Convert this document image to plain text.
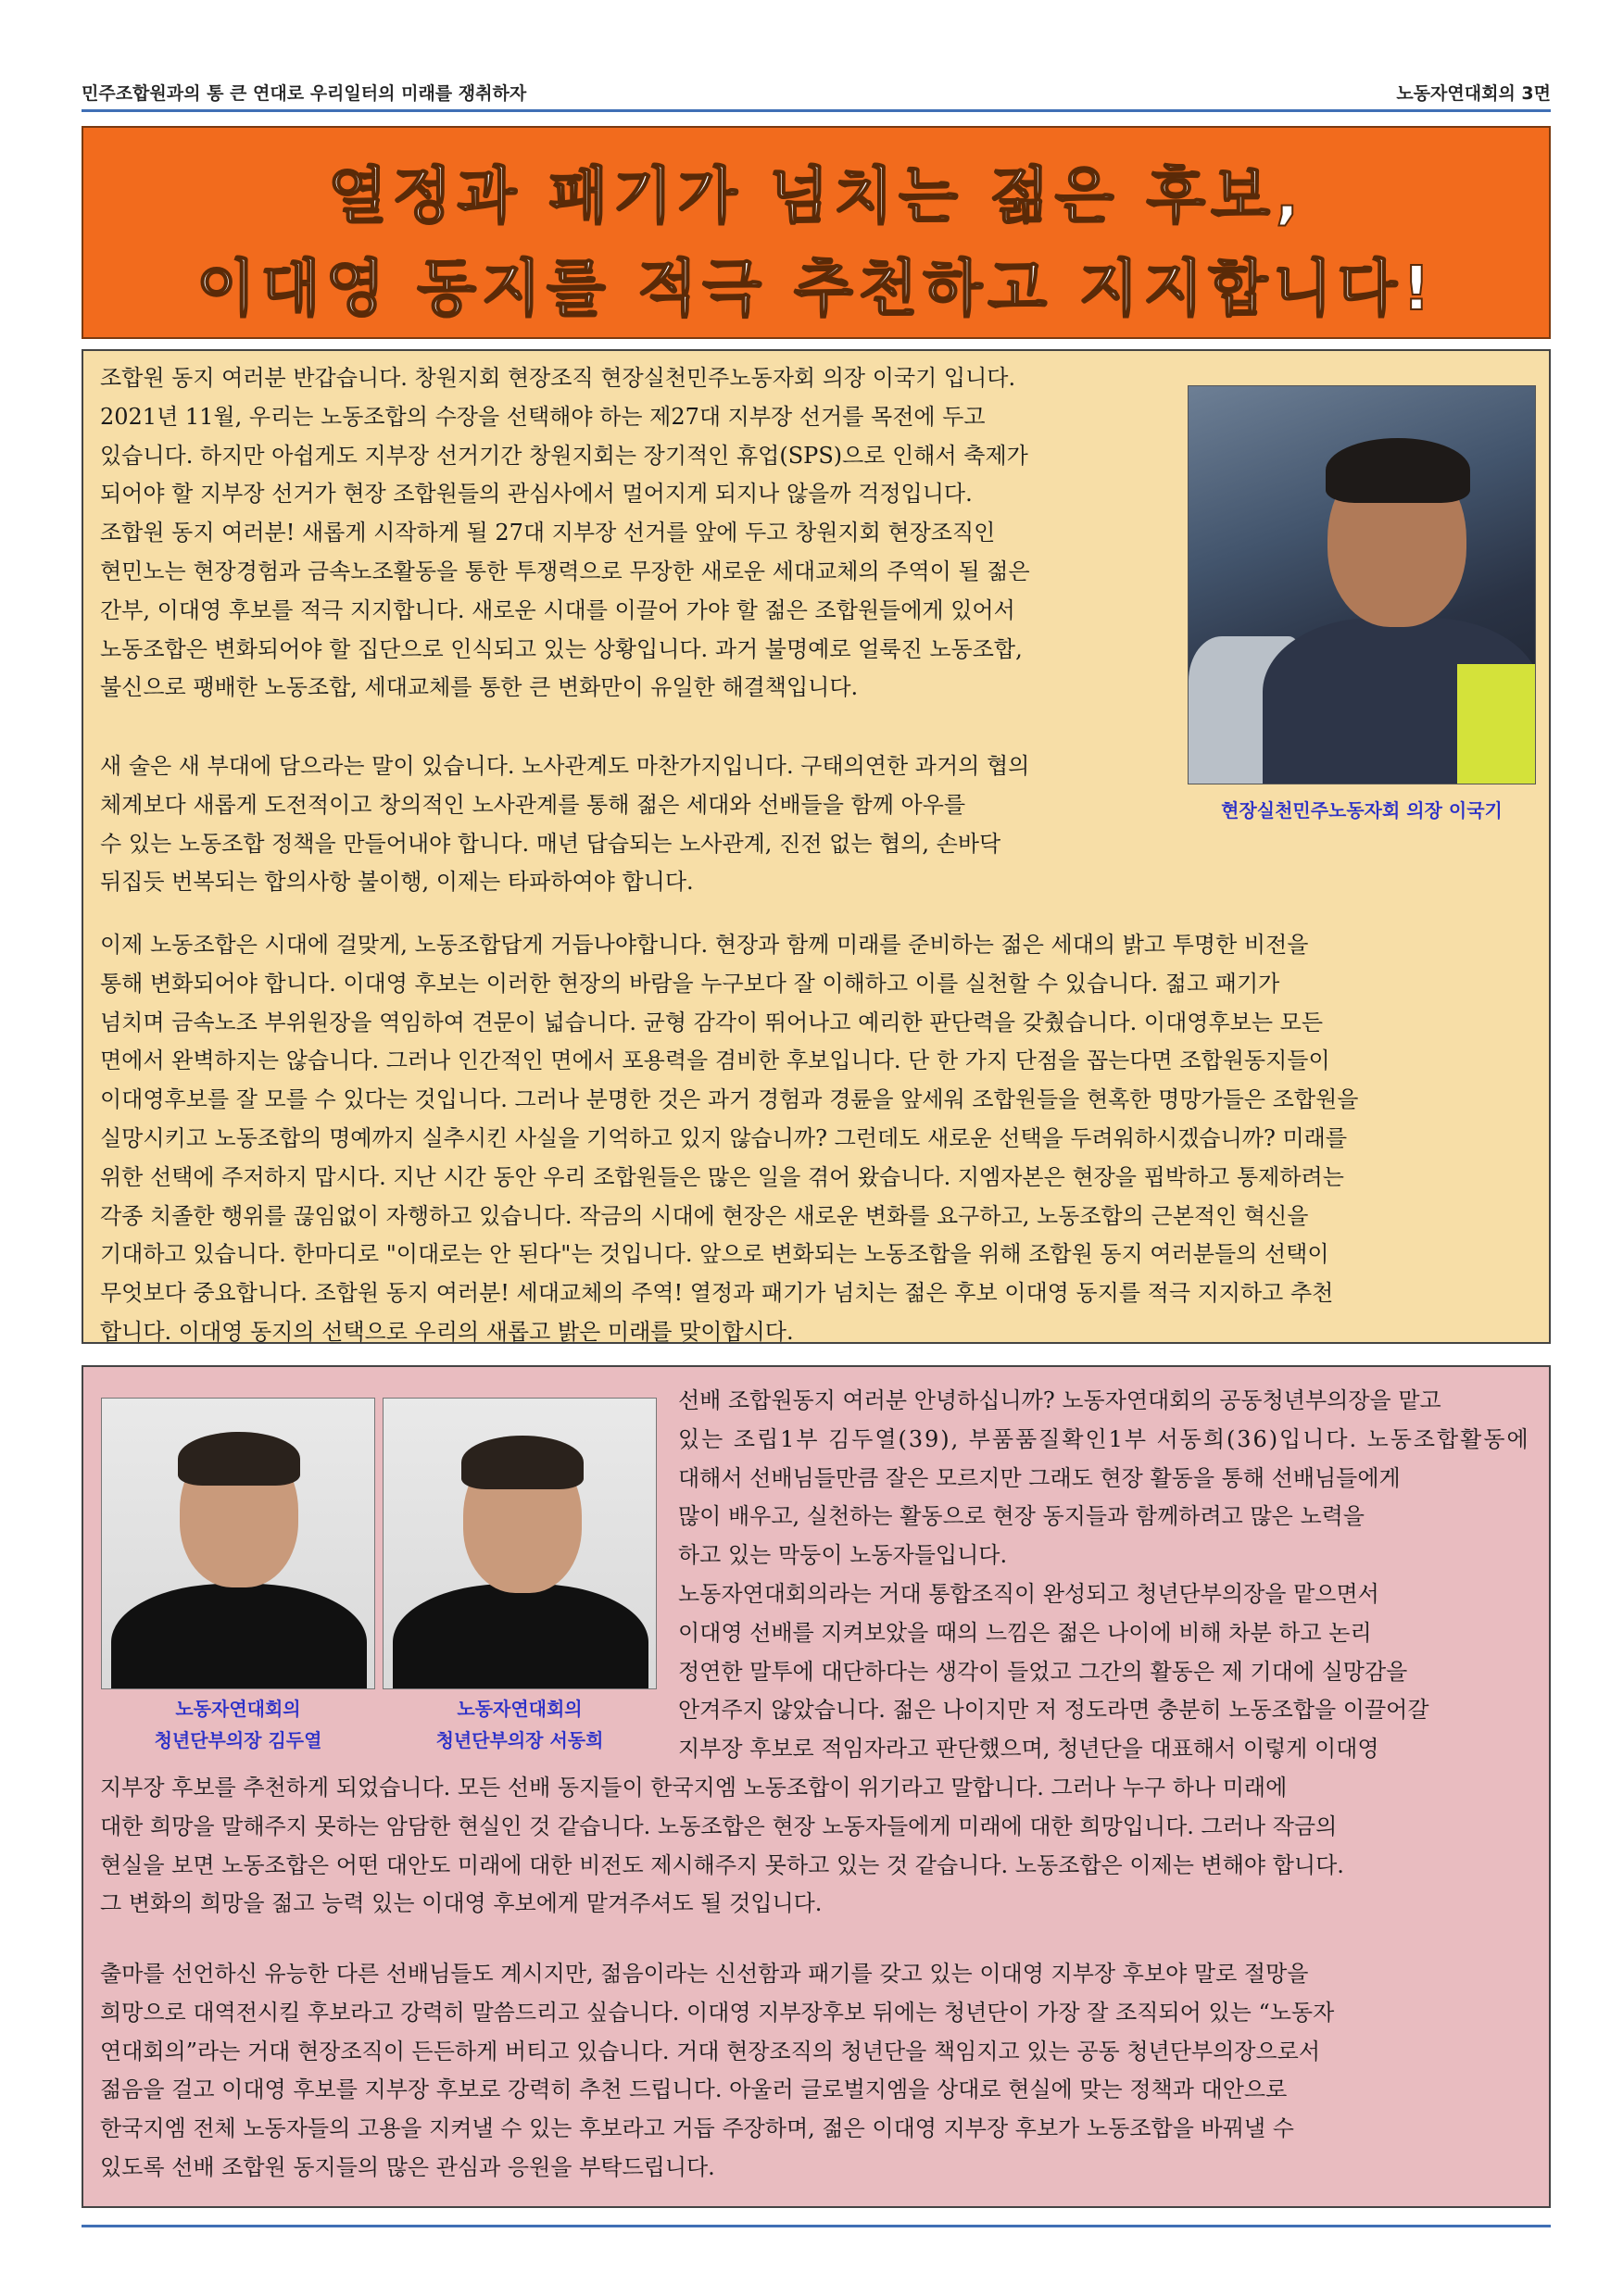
민주조합원과의 통 큰 연대로 우리일터의 미래를 쟁취하자	노동자연대회의 3면
열정과 패기가 넘치는 젊은 후보,
이대영 동지를 적극 추천하고 지지합니다!
조합원 동지 여러분 반갑습니다. 창원지회 현장조직 현장실천민주노동자회 의장 이국기 입니다.
2021년 11월, 우리는 노동조합의 수장을 선택해야 하는 제27대 지부장 선거를 목전에 두고
있습니다. 하지만 아쉽게도 지부장 선거기간 창원지회는 장기적인 휴업(SPS)으로 인해서 축제가
되어야 할 지부장 선거가 현장 조합원들의 관심사에서 멀어지게 되지나 않을까 걱정입니다.
조합원 동지 여러분! 새롭게 시작하게 될 27대 지부장 선거를 앞에 두고 창원지회 현장조직인
현민노는 현장경험과 금속노조활동을 통한 투쟁력으로 무장한 새로운 세대교체의 주역이 될 젊은
간부, 이대영 후보를 적극 지지합니다. 새로운 시대를 이끌어 가야 할 젊은 조합원들에게 있어서
노동조합은 변화되어야 할 집단으로 인식되고 있는 상황입니다. 과거 불명예로 얼룩진 노동조합,
불신으로 팽배한 노동조합, 세대교체를 통한 큰 변화만이 유일한 해결책입니다.
현장실천민주노동자회 의장 이국기
새 술은 새 부대에 담으라는 말이 있습니다. 노사관계도 마찬가지입니다. 구태의연한 과거의 협의
체계보다 새롭게 도전적이고 창의적인 노사관계를 통해 젊은 세대와 선배들을 함께 아우를
수 있는 노동조합 정책을 만들어내야 합니다. 매년 답습되는 노사관계, 진전 없는 협의, 손바닥
뒤집듯 번복되는 합의사항 불이행, 이제는 타파하여야 합니다.
이제 노동조합은 시대에 걸맞게, 노동조합답게 거듭나야합니다. 현장과 함께 미래를 준비하는 젊은 세대의 밝고 투명한 비전을
통해 변화되어야 합니다. 이대영 후보는 이러한 현장의 바람을 누구보다 잘 이해하고 이를 실천할 수 있습니다. 젊고 패기가
넘치며 금속노조 부위원장을 역임하여 견문이 넓습니다. 균형 감각이 뛰어나고 예리한 판단력을 갖췄습니다. 이대영후보는 모든
면에서 완벽하지는 않습니다. 그러나 인간적인 면에서 포용력을 겸비한 후보입니다. 단 한 가지 단점을 꼽는다면 조합원동지들이
이대영후보를 잘 모를 수 있다는 것입니다. 그러나 분명한 것은 과거 경험과 경륜을 앞세워 조합원들을 현혹한 명망가들은 조합원을
실망시키고 노동조합의 명예까지 실추시킨 사실을 기억하고 있지 않습니까? 그런데도 새로운 선택을 두려워하시겠습니까? 미래를
위한 선택에 주저하지 맙시다. 지난 시간 동안 우리 조합원들은 많은 일을 겪어 왔습니다. 지엠자본은 현장을 핍박하고 통제하려는
각종 치졸한 행위를 끊임없이 자행하고 있습니다. 작금의 시대에 현장은 새로운 변화를 요구하고, 노동조합의 근본적인 혁신을
기대하고 있습니다. 한마디로 "이대로는 안 된다"는 것입니다. 앞으로 변화되는 노동조합을 위해 조합원 동지 여러분들의 선택이
무엇보다 중요합니다. 조합원 동지 여러분! 세대교체의 주역! 열정과 패기가 넘치는 젊은 후보 이대영 동지를 적극 지지하고 추천
합니다. 이대영 동지의 선택으로 우리의 새롭고 밝은 미래를 맞이합시다.
노동자연대회의
청년단부의장 김두열
노동자연대회의
청년단부의장 서동희
선배 조합원동지 여러분 안녕하십니까? 노동자연대회의 공동청년부의장을 맡고
있는 조립1부 김두열(39), 부품품질확인1부 서동희(36)입니다. 노동조합활동에
대해서 선배님들만큼 잘은 모르지만 그래도 현장 활동을 통해 선배님들에게
많이 배우고, 실천하는 활동으로 현장 동지들과 함께하려고 많은 노력을
하고 있는 막둥이 노동자들입니다.
노동자연대회의라는 거대 통합조직이 완성되고 청년단부의장을 맡으면서
이대영 선배를 지켜보았을 때의 느낌은 젊은 나이에 비해 차분 하고 논리
정연한 말투에 대단하다는 생각이 들었고 그간의 활동은 제 기대에 실망감을
안겨주지 않았습니다. 젊은 나이지만 저 정도라면 충분히 노동조합을 이끌어갈
지부장 후보로 적임자라고 판단했으며, 청년단을 대표해서 이렇게 이대영
지부장 후보를 추천하게 되었습니다. 모든 선배 동지들이 한국지엠 노동조합이 위기라고 말합니다. 그러나 누구 하나 미래에
대한 희망을 말해주지 못하는 암담한 현실인 것 같습니다. 노동조합은 현장 노동자들에게 미래에 대한 희망입니다. 그러나 작금의
현실을 보면 노동조합은 어떤 대안도 미래에 대한 비전도 제시해주지 못하고 있는 것 같습니다. 노동조합은 이제는 변해야 합니다.
그 변화의 희망을 젊고 능력 있는 이대영 후보에게 맡겨주셔도 될 것입니다.
출마를 선언하신 유능한 다른 선배님들도 계시지만, 젊음이라는 신선함과 패기를 갖고 있는 이대영 지부장 후보야 말로 절망을
희망으로 대역전시킬 후보라고 강력히 말씀드리고 싶습니다. 이대영 지부장후보 뒤에는 청년단이 가장 잘 조직되어 있는 “노동자
연대회의”라는 거대 현장조직이 든든하게 버티고 있습니다. 거대 현장조직의 청년단을 책임지고 있는 공동 청년단부의장으로서
젊음을 걸고 이대영 후보를 지부장 후보로 강력히 추천 드립니다. 아울러 글로벌지엠을 상대로 현실에 맞는 정책과 대안으로
한국지엠 전체 노동자들의 고용을 지켜낼 수 있는 후보라고 거듭 주장하며, 젊은 이대영 지부장 후보가 노동조합을 바꿔낼 수
있도록 선배 조합원 동지들의 많은 관심과 응원을 부탁드립니다.
